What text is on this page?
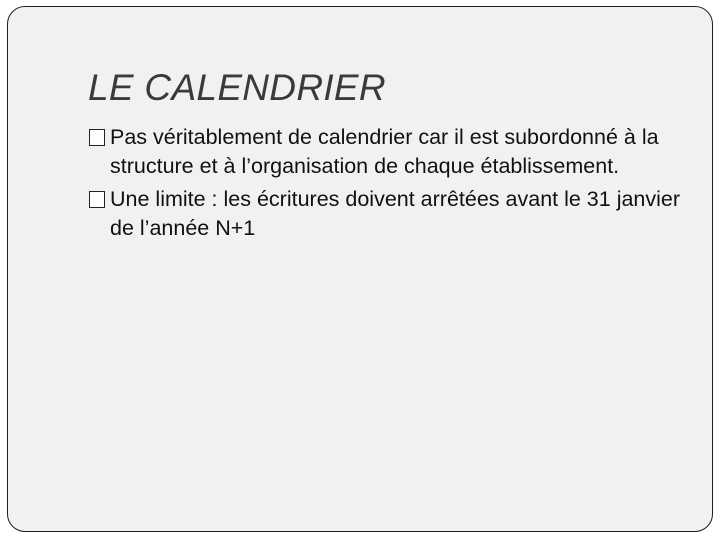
LE CALENDRIER
Pas véritablement de calendrier car il est subordonné à la structure et à l’organisation de chaque établissement.
Une limite : les écritures doivent arrêtées avant le 31 janvier de l’année N+1
